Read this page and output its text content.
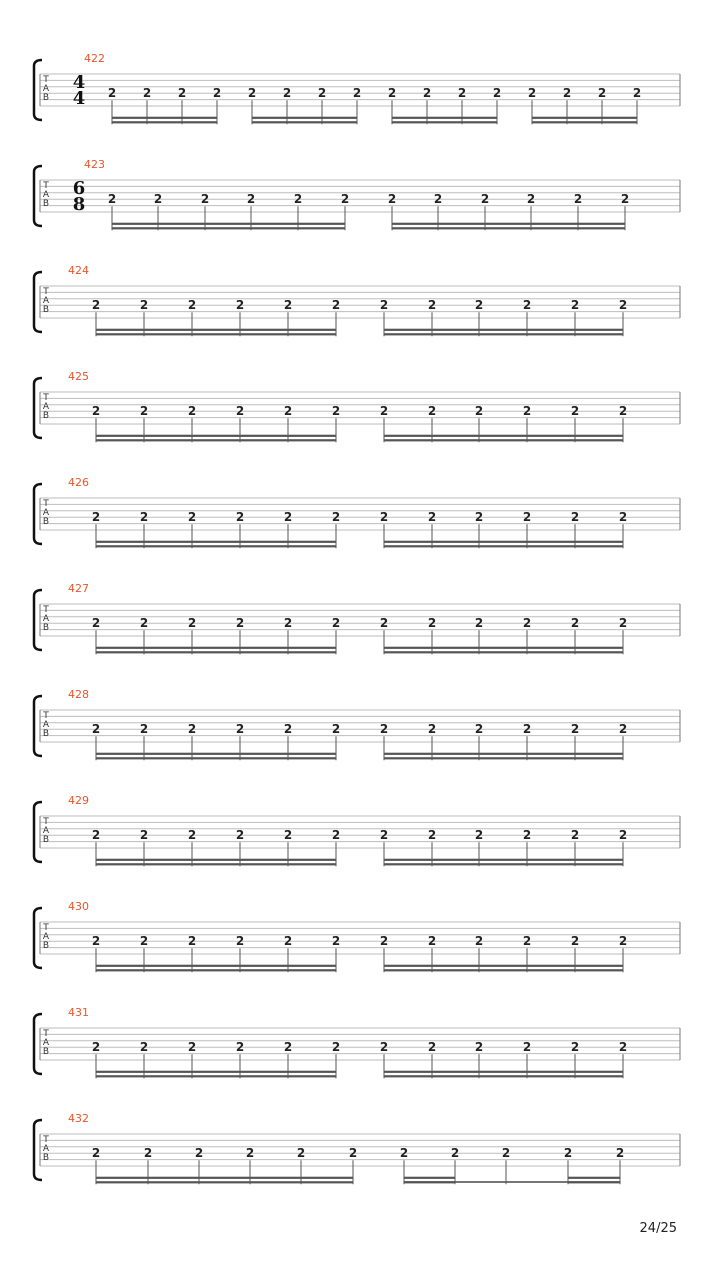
T
A
B
422
4
4 2 2 2 2 2 2 2 2 2 2 2 2 2 2 2 2
T
A
B
423
6
8 2	2	2	2	2	2	2	2	2	2	2	2
T
A
B
424
2	2	2	2	2	2	2	2	2	2	2	2
T
A
B
425
2	2	2	2	2	2	2	2	2	2	2	2
T
A
B
426
2	2	2	2	2	2	2	2	2	2	2	2
T
A
B
427
2	2	2	2	2	2	2	2	2	2	2	2
T
A
B
428
2	2	2	2	2	2	2	2	2	2	2	2
T
A
B
429
2	2	2	2	2	2	2	2	2	2	2	2
T
A
B
430
2	2	2	2	2	2	2	2	2	2	2	2
T
A
B
431
2	2	2	2	2	2	2	2	2	2	2	2
T
A
B
432
2	2	2	2	2	2	2	2	2	2	2
24/25
